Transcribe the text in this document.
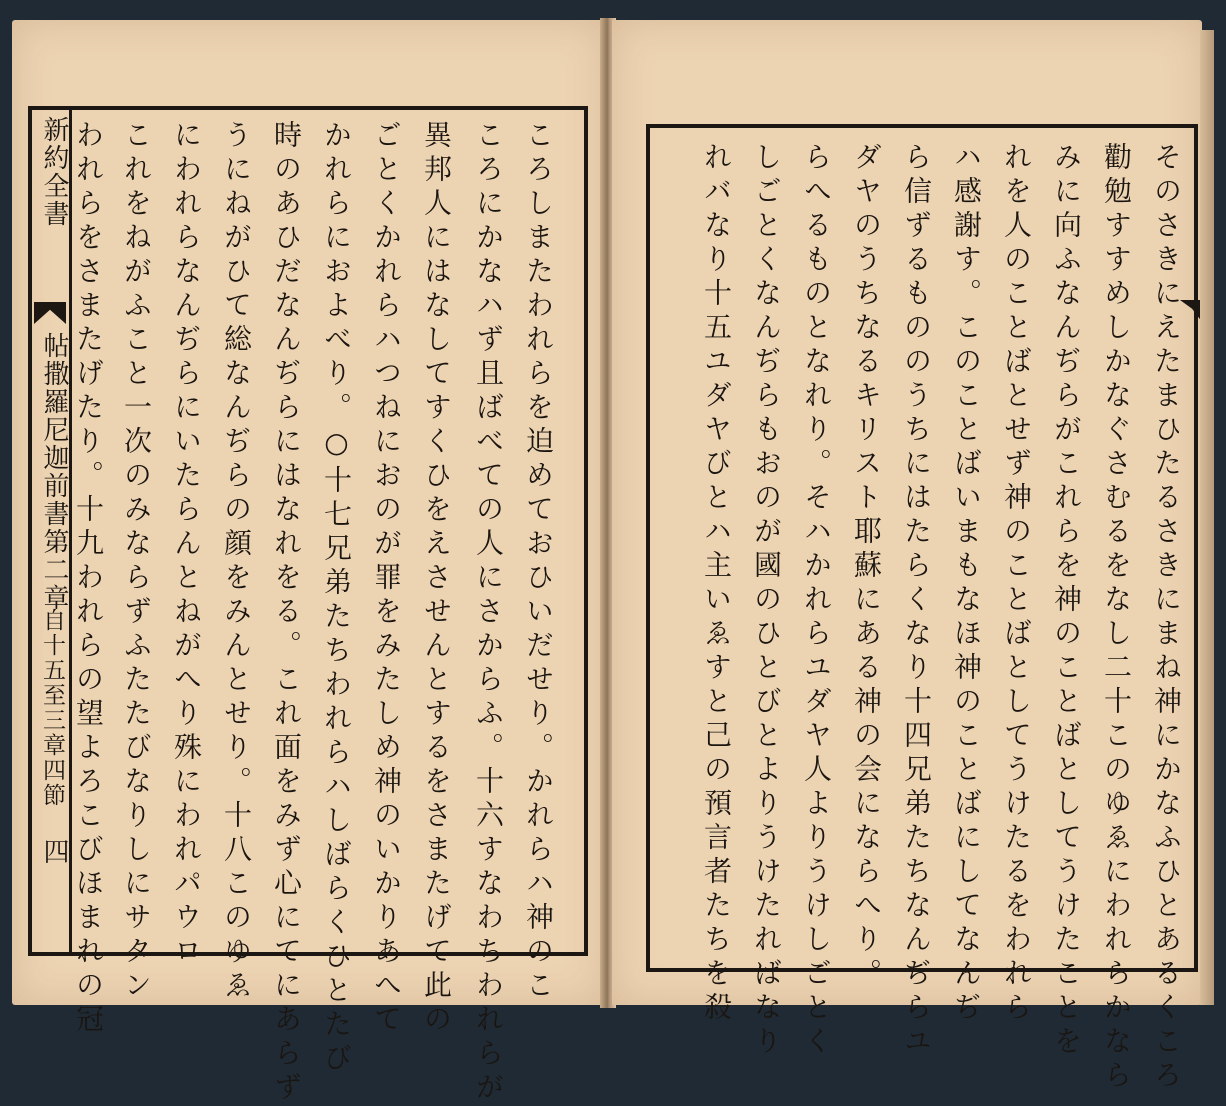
新約全書
帖撒羅尼迦前書第二章
自十五至三章四節
四	ころしまたわれらを迫めておひいだせり。かれらハ神のこ
ころにかなハず且ばべての人にさからふ。十六すなわちわれらが
異邦人にはなしてすくひをえさせんとするをさまたげて此の
ごとくかれらハつねにおのが罪をみたしめ神のいかりあへて
かれらにおよべり。○十七兄弟たちわれらハしばらくひとたび
時のあひだなんぢらにはなれをる。これ面をみず心にてにあらず
うにねがひて総なんぢらの顔をみんとせり。十八このゆゑ
にわれらなんぢらにいたらんとねがへり殊にわれパウロ
これをねがふこと一次のみならずふたたびなりしにサタン
われらをさまたげたり。十九われらの望よろこびほまれの冠	そのさきにえたまひたるさきにまね神にかなふひとあるくころ
勸勉すすめしかなぐさむるをなし二十このゆゑにわれらかなら
みに向ふなんぢらがこれらを神のことばとしてうけたことを
れを人のことばとせず神のことばとしてうけたるをわれら
ハ感謝す。このことばいまもなほ神のことばにしてなんぢ
ら信ずるもののうちにはたらくなり十四兄弟たちなんぢらユ
ダヤのうちなるキリスト耶蘇にある神の会にならへり。
らへるものとなれり。そハかれらユダヤ人よりうけしごとく
しごとくなんぢらもおのが國のひとびとよりうけたればなり
れバなり十五ユダヤびとハ主いゑすと己の預言者たちを殺
